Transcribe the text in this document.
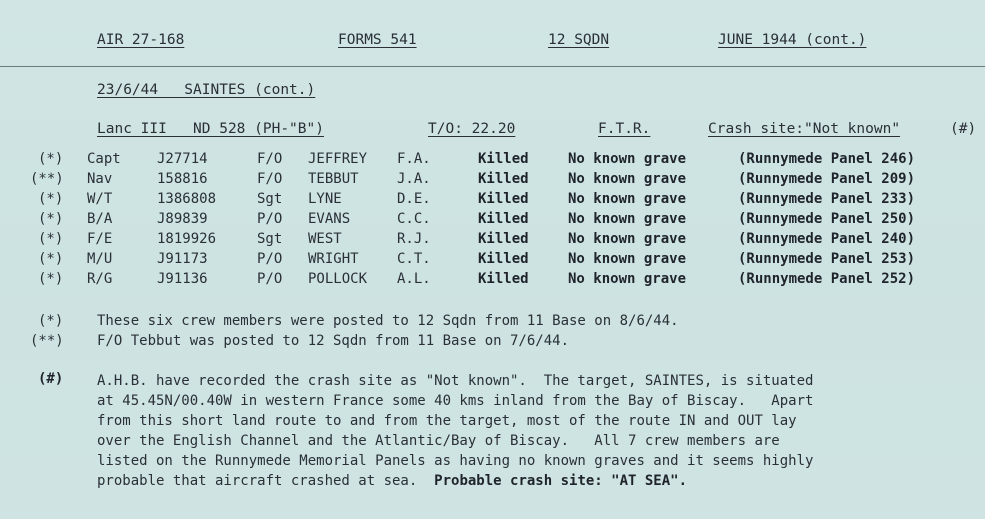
AIR 27-168	FORMS 541	12 SQDN	JUNE 1944 (cont.)
23/6/44   SAINTES (cont.)
Lanc III   ND 528 (PH-"B")	T/O: 22.20	F.T.R.	Crash site:"Not known"	(#)
(*) Capt	J27714	F/O JEFFREY F.A.	Killed	No known grave	(Runnymede Panel 246)
(**) Nav	158816	F/O TEBBUT	J.A.	Killed	No known grave	(Runnymede Panel 209)
(*) W/T	1386808	Sgt LYNE	D.E.	Killed	No known grave	(Runnymede Panel 233)
(*) B/A	J89839	P/O EVANS	C.C.	Killed	No known grave	(Runnymede Panel 250)
(*) F/E	1819926	Sgt WEST	R.J.	Killed	No known grave	(Runnymede Panel 240)
(*) M/U	J91173	P/O WRIGHT	C.T.	Killed	No known grave	(Runnymede Panel 253)
(*) R/G	J91136	P/O POLLOCK A.L.	Killed	No known grave	(Runnymede Panel 252)
(*) These six crew members were posted to 12 Sqdn from 11 Base on 8/6/44.
(**) F/O Tebbut was posted to 12 Sqdn from 11 Base on 7/6/44.
(#) A.H.B. have recorded the crash site as "Not known".  The target, SAINTES, is situated
at 45.45N/00.40W in western France some 40 kms inland from the Bay of Biscay.   Apart
from this short land route to and from the target, most of the route IN and OUT lay
over the English Channel and the Atlantic/Bay of Biscay.   All 7 crew members are
listed on the Runnymede Memorial Panels as having no known graves and it seems highly
probable that aircraft crashed at sea.  Probable crash site: "AT SEA".
